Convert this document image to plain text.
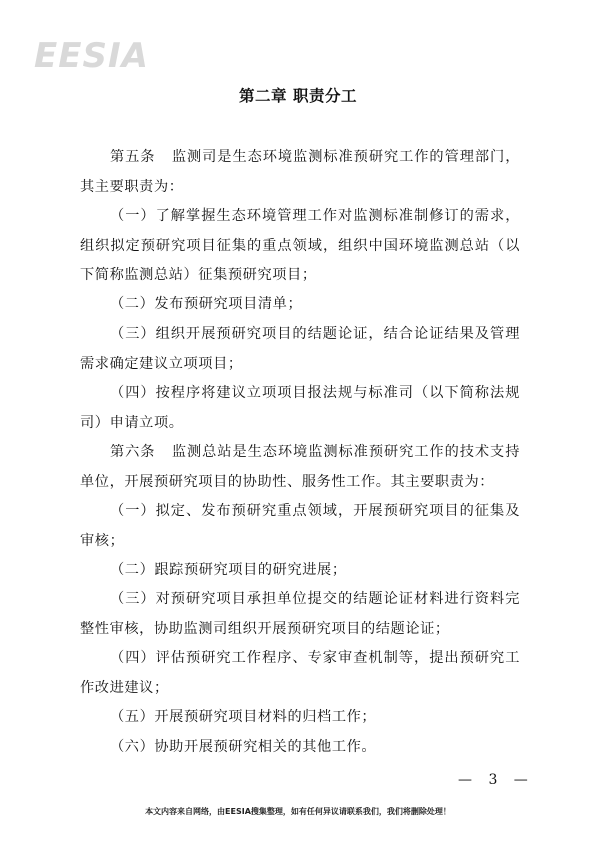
EESIA
第二章 职责分工

第五条 监测司是生态环境监测标准预研究工作的管理部门，其主要职责为：

（一）了解掌握生态环境管理工作对监测标准制修订的需求，组织拟定预研究项目征集的重点领域，组织中国环境监测总站（以下简称监测总站）征集预研究项目；

（二）发布预研究项目清单；

（三）组织开展预研究项目的结题论证，结合论证结果及管理需求确定建议立项项目；

（四）按程序将建议立项项目报法规与标准司（以下简称法规司）申请立项。

第六条 监测总站是生态环境监测标准预研究工作的技术支持单位，开展预研究项目的协助性、服务性工作。其主要职责为：

（一）拟定、发布预研究重点领域，开展预研究项目的征集及审核；

（二）跟踪预研究项目的研究进展；

（三）对预研究项目承担单位提交的结题论证材料进行资料完整性审核，协助监测司组织开展预研究项目的结题论证；

（四）评估预研究工作程序、专家审查机制等，提出预研究工作改进建议；

（五）开展预研究项目材料的归档工作；

（六）协助开展预研究相关的其他工作。

— 3 —
本文内容来自网络，由EESIA搜集整理，如有任何异议请联系我们，我们将删除处理！
